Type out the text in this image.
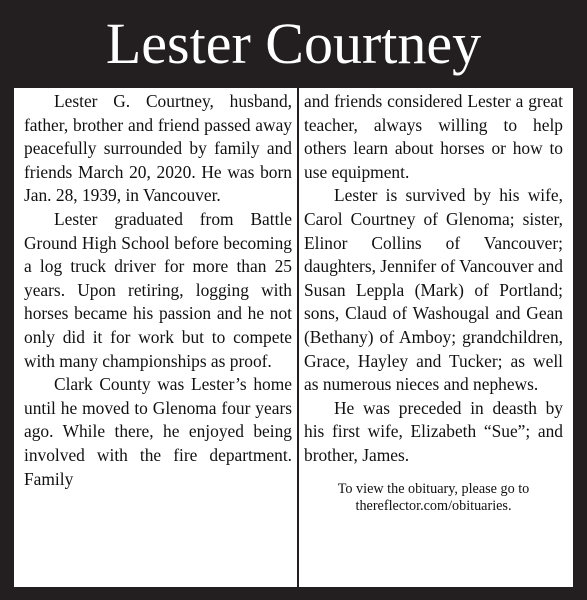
Lester Courtney

Lester G. Courtney, husband, father, brother and friend passed away peacefully surrounded by family and friends March 20, 2020. He was born Jan. 28, 1939, in Vancouver.

Lester graduated from Battle Ground High School before becoming a log truck driver for more than 25 years. Upon retiring, logging with horses became his passion and he not only did it for work but to compete with many championships as proof.

Clark County was Lester’s home until he moved to Glenoma four years ago. While there, he enjoyed being involved with the fire department. Family

and friends considered Lester a great teacher, always willing to help others learn about horses or how to use equipment.

Lester is survived by his wife, Carol Courtney of Glenoma; sister, Elinor Collins of Vancouver; daughters, Jennifer of Vancouver and Susan Leppla (Mark) of Portland; sons, Claud of Washougal and Gean (Bethany) of Amboy; grandchildren, Grace, Hayley and Tucker; as well as numerous nieces and nephews.

He was preceded in deasth by his first wife, Elizabeth “Sue”; and brother, James.

To view the obituary, please go to
thereflector.com/obituaries.
